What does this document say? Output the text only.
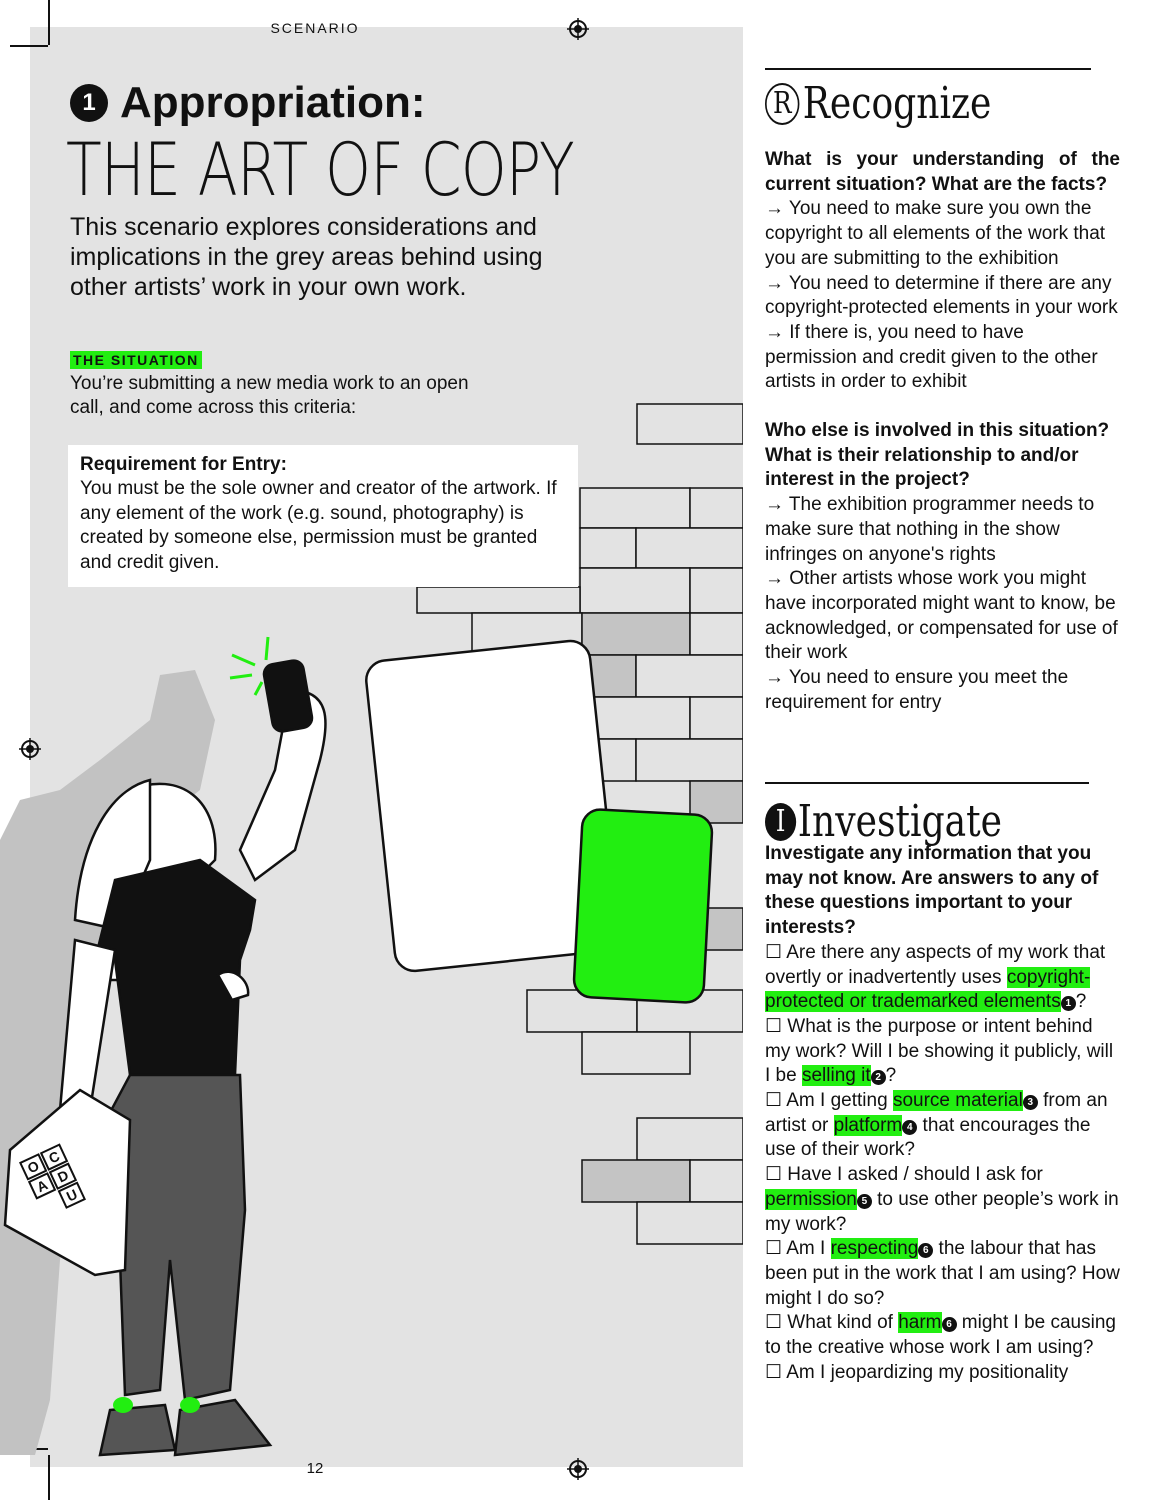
SCENARIO
12
O
C
A
D
U
1 Appropriation:
THE ART OF COPY
This scenario explores considerations and implications in the grey areas behind using other artists’ work in your own work.
THE SITUATION
You’re submitting a new media work to an open call, and come across this criteria:
Requirement for Entry:
You must be the sole owner and creator of the artwork. If any element of the work (e.g. sound, photography) is created by someone else, permission must be granted and credit given.
R Recognize
What is your understanding of the current situation? What are the facts?
→ You need to make sure you own the copyright to all elements of the work that you are submitting to the exhibition
→ You need to determine if there are any copyright-protected elements in your work
→ If there is, you need to have permission and credit given to the other artists in order to exhibit
Who else is involved in this situation? What is their relationship to and/or interest in the project?
→ The exhibition programmer needs to make sure that nothing in the show infringes on anyone's rights
→ Other artists whose work you might have incorporated might want to know, be acknowledged, or compensated for use of their work
→ You need to ensure you meet the requirement for entry
I Investigate
Investigate any information that you may not know. Are answers to any of these questions important to your interests?
☐ Are there any aspects of my work that overtly or inadvertently uses copyright-protected or trademarked elements 1 ?
☐ What is the purpose or intent behind my work? Will I be showing it publicly, will I be selling it 2 ?
☐ Am I getting source material 3 from an artist or platform 4 that encourages the use of their work?
☐ Have I asked / should I ask for permission 5 to use other people’s work in my work?
☐ Am I respecting 6 the labour that has been put in the work that I am using? How might I do so?
☐ What kind of harm 6 might I be causing to the creative whose work I am using?
☐ Am I jeopardizing my positionality
